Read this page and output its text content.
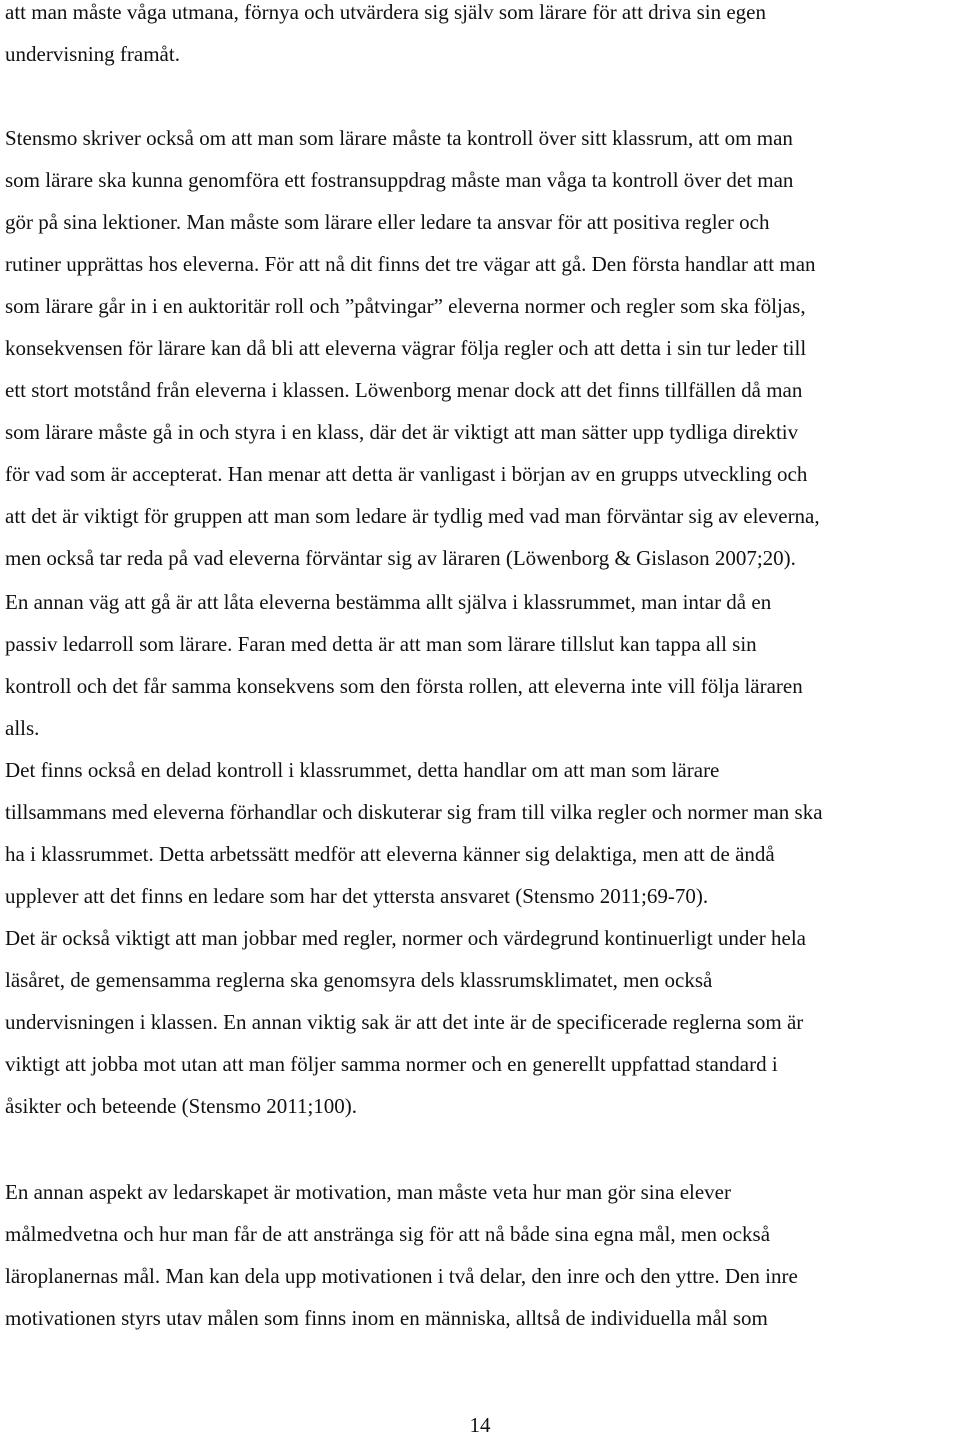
att man måste våga utmana, förnya och utvärdera sig själv som lärare för att driva sin egen
undervisning framåt.
Stensmo skriver också om att man som lärare måste ta kontroll över sitt klassrum, att om man
som lärare ska kunna genomföra ett fostransuppdrag måste man våga ta kontroll över det man
gör på sina lektioner. Man måste som lärare eller ledare ta ansvar för att positiva regler och
rutiner upprättas hos eleverna. För att nå dit finns det tre vägar att gå. Den första handlar att man
som lärare går in i en auktoritär roll och ”påtvingar” eleverna normer och regler som ska följas,
konsekvensen för lärare kan då bli att eleverna vägrar följa regler och att detta i sin tur leder till
ett stort motstånd från eleverna i klassen. Löwenborg menar dock att det finns tillfällen då man
som lärare måste gå in och styra i en klass, där det är viktigt att man sätter upp tydliga direktiv
för vad som är accepterat. Han menar att detta är vanligast i början av en grupps utveckling och
att det är viktigt för gruppen att man som ledare är tydlig med vad man förväntar sig av eleverna,
men också tar reda på vad eleverna förväntar sig av läraren (Löwenborg & Gislason 2007;20).
En annan väg att gå är att låta eleverna bestämma allt själva i klassrummet, man intar då en
passiv ledarroll som lärare. Faran med detta är att man som lärare tillslut kan tappa all sin
kontroll och det får samma konsekvens som den första rollen, att eleverna inte vill följa läraren
alls.
Det finns också en delad kontroll i klassrummet, detta handlar om att man som lärare
tillsammans med eleverna förhandlar och diskuterar sig fram till vilka regler och normer man ska
ha i klassrummet. Detta arbetssätt medför att eleverna känner sig delaktiga, men att de ändå
upplever att det finns en ledare som har det yttersta ansvaret (Stensmo 2011;69-70).
Det är också viktigt att man jobbar med regler, normer och värdegrund kontinuerligt under hela
läsåret, de gemensamma reglerna ska genomsyra dels klassrumsklimatet, men också
undervisningen i klassen. En annan viktig sak är att det inte är de specificerade reglerna som är
viktigt att jobba mot utan att man följer samma normer och en generellt uppfattad standard i
åsikter och beteende (Stensmo 2011;100).
En annan aspekt av ledarskapet är motivation, man måste veta hur man gör sina elever
målmedvetna och hur man får de att anstränga sig för att nå både sina egna mål, men också
läroplanernas mål. Man kan dela upp motivationen i två delar, den inre och den yttre. Den inre
motivationen styrs utav målen som finns inom en människa, alltså de individuella mål som
14
